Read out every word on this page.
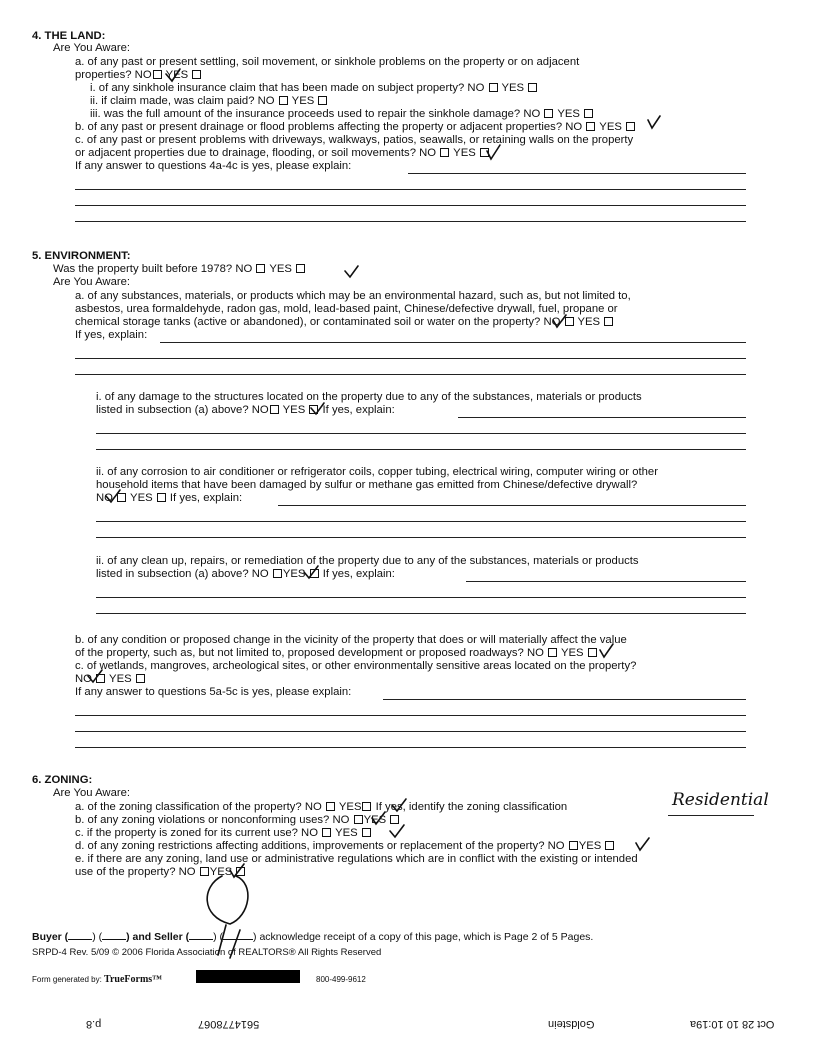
4. THE LAND:
Are You Aware:
a. of any past or present settling, soil movement, or sinkhole problems on the property or on adjacent
properties? NO YES
i. of any sinkhole insurance claim that has been made on subject property? NO YES
ii. if claim made, was claim paid? NO YES
iii. was the full amount of the insurance proceeds used to repair the sinkhole damage? NO YES
b. of any past or present drainage or flood problems affecting the property or adjacent properties? NO YES
c. of any past or present problems with driveways, walkways, patios, seawalls, or retaining walls on the property
or adjacent properties due to drainage, flooding, or soil movements? NO YES
If any answer to questions 4a-4c is yes, please explain:
5. ENVIRONMENT:
Was the property built before 1978? NO YES
Are You Aware:
a. of any substances, materials, or products which may be an environmental hazard, such as, but not limited to,
asbestos, urea formaldehyde, radon gas, mold, lead-based paint, Chinese/defective drywall, fuel, propane or
chemical storage tanks (active or abandoned), or contaminated soil or water on the property? NO YES
If yes, explain:
i. of any damage to the structures located on the property due to any of the substances, materials or products
listed in subsection (a) above? NO YES If yes, explain:
ii. of any corrosion to air conditioner or refrigerator coils, copper tubing, electrical wiring, computer wiring or other
household items that have been damaged by sulfur or methane gas emitted from Chinese/defective drywall?
NO YES If yes, explain:
ii. of any clean up, repairs, or remediation of the property due to any of the substances, materials or products
listed in subsection (a) above? NO YES If yes, explain:
b. of any condition or proposed change in the vicinity of the property that does or will materially affect the value
of the property, such as, but not limited to, proposed development or proposed roadways? NO YES
c. of wetlands, mangroves, archeological sites, or other environmentally sensitive areas located on the property?
NO YES
If any answer to questions 5a-5c is yes, please explain:
6. ZONING:
Are You Aware:
a. of the zoning classification of the property? NO YES If yes, identify the zoning classification	Residential
b. of any zoning violations or nonconforming uses? NO YES
c. if the property is zoned for its current use? NO YES
d. of any zoning restrictions affecting additions, improvements or replacement of the property? NO YES
e. if there are any zoning, land use or administrative regulations which are in conflict with the existing or intended
use of the property? NO YES
Buyer ( ) ( ) and Seller ( ) (	) acknowledge receipt of a copy of this page, which is Page 2 of 5 Pages.
SRPD-4 Rev. 5/09 © 2006 Florida Association of REALTORS® All Rights Reserved
Form generated by: TrueForms™	800-499-9612
Oct 28 10 10:19a
Goldstein
5614778067
p.8
